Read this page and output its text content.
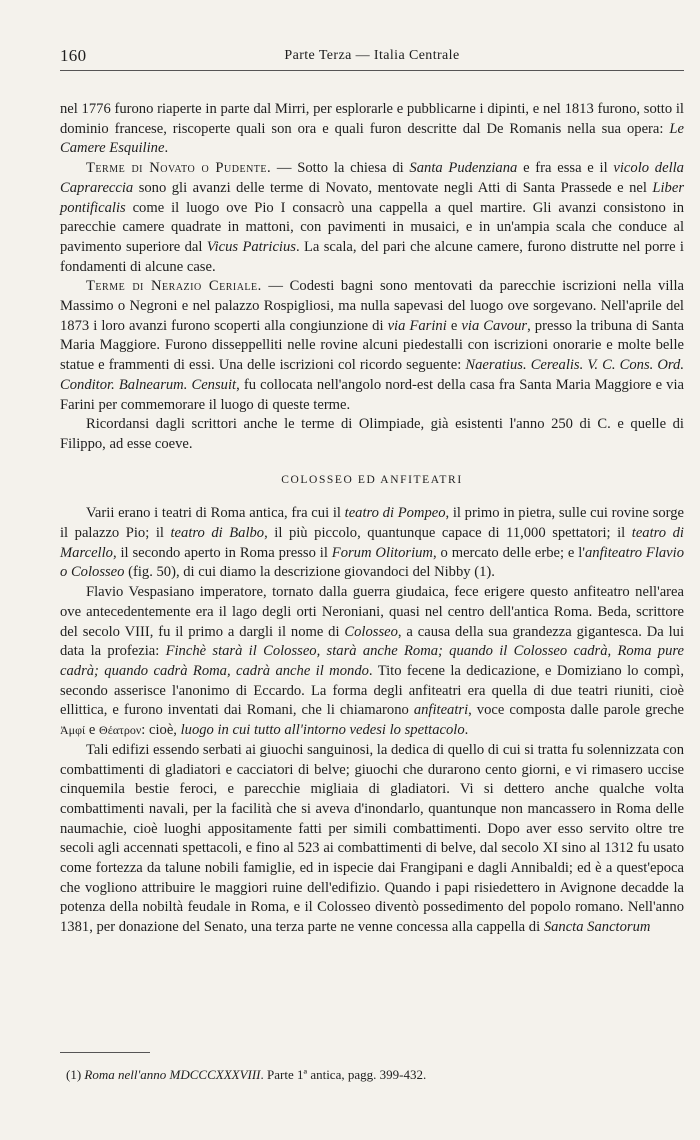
160	Parte Terza — Italia Centrale

nel 1776 furono riaperte in parte dal Mirri, per esplorarle e pubblicarne i dipinti, e nel 1813 furono, sotto il dominio francese, riscoperte quali son ora e quali furon descritte dal De Romanis nella sua opera: Le Camere Esquiline.

Terme di Novato o Pudente. — Sotto la chiesa di Santa Pudenziana e fra essa e il vicolo della Caprareccia sono gli avanzi delle terme di Novato, mentovate negli Atti di Santa Prassede e nel Liber pontificalis come il luogo ove Pio I consacrò una cappella a quel martire. Gli avanzi consistono in parecchie camere quadrate in mattoni, con pavimenti in musaici, e in un'ampia scala che conduce al pavimento superiore dal Vicus Patricius. La scala, del pari che alcune camere, furono distrutte nel porre i fondamenti di alcune case.

Terme di Nerazio Ceriale. — Codesti bagni sono mentovati da parecchie iscrizioni nella villa Massimo o Negroni e nel palazzo Rospigliosi, ma nulla sapevasi del luogo ove sorgevano. Nell'aprile del 1873 i loro avanzi furono scoperti alla congiunzione di via Farini e via Cavour, presso la tribuna di Santa Maria Maggiore. Furono disseppelliti nelle rovine alcuni piedestalli con iscrizioni onorarie e molte belle statue e frammenti di essi. Una delle iscrizioni col ricordo seguente: Naeratius. Cerealis. V. C. Cons. Ord. Conditor. Balnearum. Censuit, fu collocata nell'angolo nord-est della casa fra Santa Maria Maggiore e via Farini per commemorare il luogo di queste terme.

Ricordansi dagli scrittori anche le terme di Olimpiade, già esistenti l'anno 250 di C. e quelle di Filippo, ad esse coeve.

COLOSSEO ED ANFITEATRI

Varii erano i teatri di Roma antica, fra cui il teatro di Pompeo, il primo in pietra, sulle cui rovine sorge il palazzo Pio; il teatro di Balbo, il più piccolo, quantunque capace di 11,000 spettatori; il teatro di Marcello, il secondo aperto in Roma presso il Forum Olitorium, o mercato delle erbe; e l'anfiteatro Flavio o Colosseo (fig. 50), di cui diamo la descrizione giovandoci del Nibby (1).

Flavio Vespasiano imperatore, tornato dalla guerra giudaica, fece erigere questo anfiteatro nell'area ove antecedentemente era il lago degli orti Neroniani, quasi nel centro dell'antica Roma. Beda, scrittore del secolo VIII, fu il primo a dargli il nome di Colosseo, a causa della sua grandezza gigantesca. Da lui data la profezia: Finchè starà il Colosseo, starà anche Roma; quando il Colosseo cadrà, Roma pure cadrà; quando cadrà Roma, cadrà anche il mondo. Tito fecene la dedicazione, e Domiziano lo compì, secondo asserisce l'anonimo di Eccardo. La forma degli anfiteatri era quella di due teatri riuniti, cioè ellittica, e furono inventati dai Romani, che li chiamarono anfiteatri, voce composta dalle parole greche Ἀμφί e Θέατρον: cioè, luogo in cui tutto all'intorno vedesi lo spettacolo.

Tali edifizi essendo serbati ai giuochi sanguinosi, la dedica di quello di cui si tratta fu solennizzata con combattimenti di gladiatori e cacciatori di belve; giuochi che durarono cento giorni, e vi rimasero uccise cinquemila bestie feroci, e parecchie migliaia di gladiatori. Vi si dettero anche qualche volta combattimenti navali, per la facilità che si aveva d'inondarlo, quantunque non mancassero in Roma delle naumachie, cioè luoghi appositamente fatti per simili combattimenti. Dopo aver esso servito oltre tre secoli agli accennati spettacoli, e fino al 523 ai combattimenti di belve, dal secolo XI sino al 1312 fu usato come fortezza da talune nobili famiglie, ed in ispecie dai Frangipani e dagli Annibaldi; ed è a quest'epoca che vogliono attribuire le maggiori ruine dell'edifizio. Quando i papi risiedettero in Avignone decadde la potenza della nobiltà feudale in Roma, e il Colosseo diventò possedimento del popolo romano. Nell'anno 1381, per donazione del Senato, una terza parte ne venne concessa alla cappella di Sancta Sanctorum

(1) Roma nell'anno MDCCCXXXVIII. Parte 1ª antica, pagg. 399-432.
